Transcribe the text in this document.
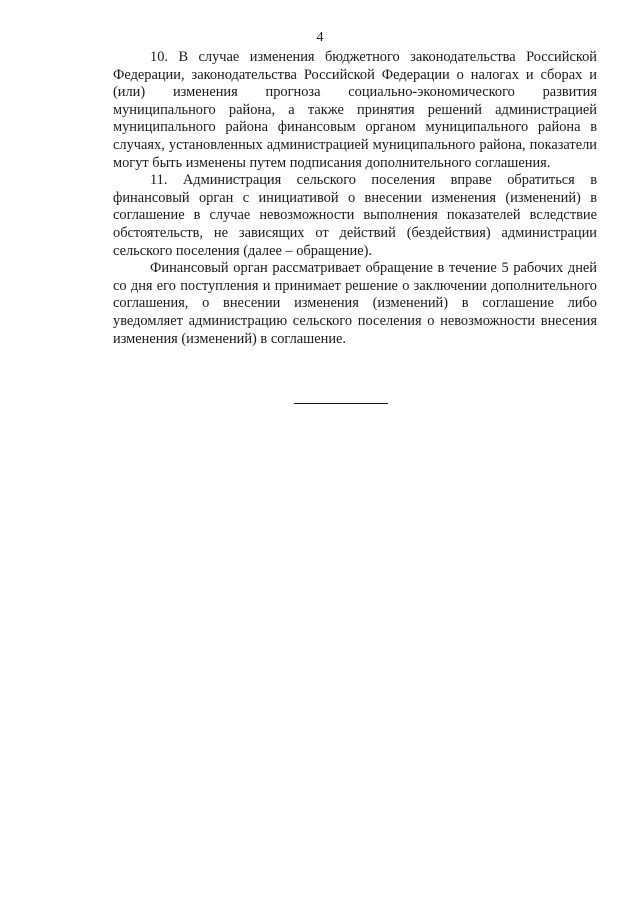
4

10. В случае изменения бюджетного законодательства Российской Федерации, законодательства Российской Федерации о налогах и сборах и (или) изменения прогноза социально-экономического развития муниципального района, а также принятия решений администрацией муниципального района финансовым органом муниципального района в случаях, установленных администрацией муниципального района, показатели могут быть изменены путем подписания дополнительного соглашения.

11. Администрация сельского поселения вправе обратиться в финансовый орган с инициативой о внесении изменения (изменений) в соглашение в случае невозможности выполнения показателей вследствие обстоятельств, не зависящих от действий (бездействия) администрации сельского поселения (далее – обращение).

Финансовый орган рассматривает обращение в течение 5 рабочих дней со дня его поступления и принимает решение о заключении дополнительного соглашения, о внесении изменения (изменений) в соглашение либо уведомляет администрацию сельского поселения о невозможности внесения изменения (изменений) в соглашение.
